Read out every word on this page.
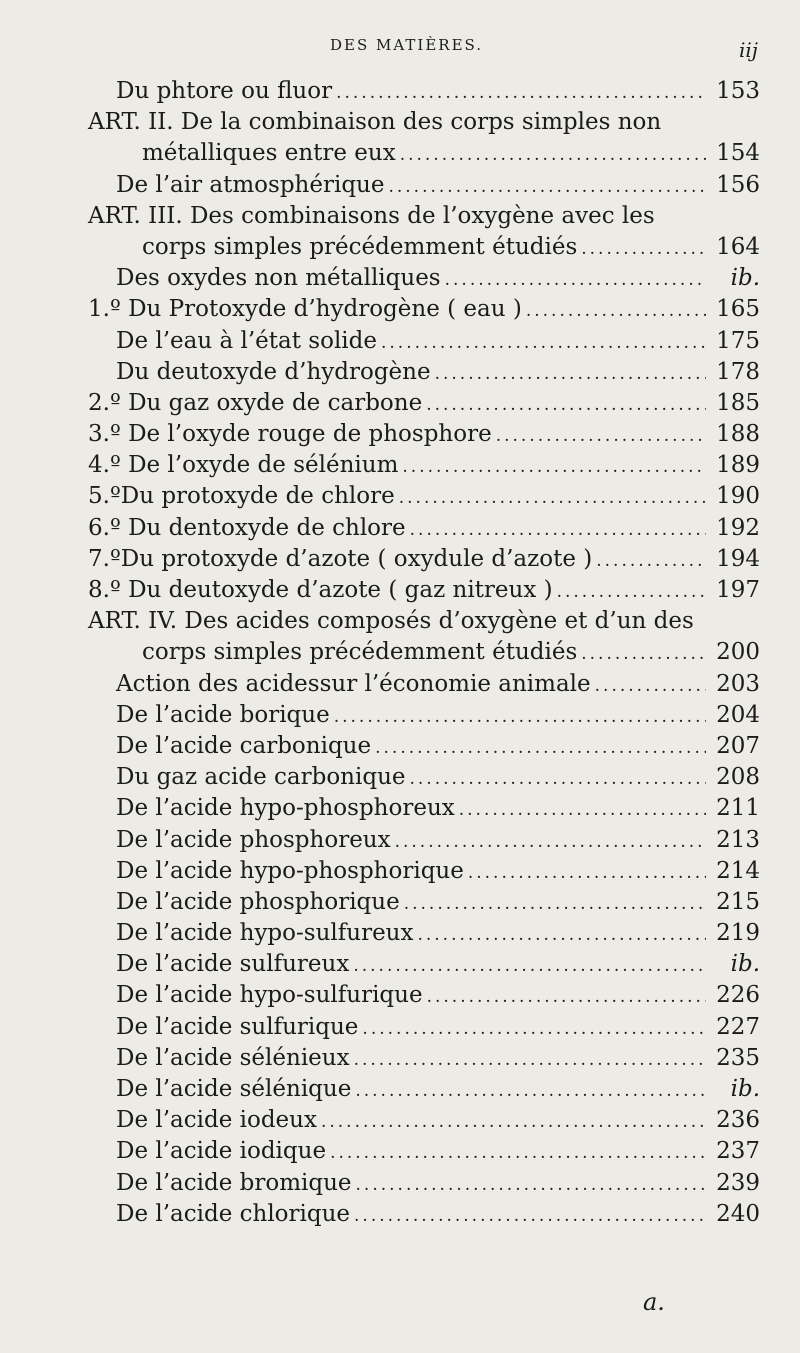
DES MATIÈRES.	iij
Du phtore ou fluor .....	153
ART. II. De la combinaison des corps simples non
métalliques entre eux .....	154
De l’air atmosphérique .....	156
ART. III. Des combinaisons de l’oxygène avec les
corps simples précédemment étudiés .....	164
Des oxydes non métalliques .....	ib.
1.º Du Protoxyde d’hydrogène ( eau ) .....	165
De l’eau à l’état solide .....	175
Du deutoxyde d’hydrogène .....	178
2.º Du gaz oxyde de carbone .....	185
3.º De l’oxyde rouge de phosphore .....	188
4.º De l’oxyde de sélénium .....	189
5.ºDu protoxyde de chlore .....	190
6.º Du dentoxyde de chlore .....	192
7.ºDu protoxyde d’azote ( oxydule d’azote ) .....	194
8.º Du deutoxyde d’azote ( gaz nitreux ) .....	197
ART. IV. Des acides composés d’oxygène et d’un des
corps simples précédemment étudiés .....	200
Action des acidessur l’économie animale .....	203
De l’acide borique .....	204
De l’acide carbonique .....	207
Du gaz acide carbonique .....	208
De l’acide hypo-phosphoreux .....	211
De l’acide phosphoreux .....	213
De l’acide hypo-phosphorique .....	214
De l’acide phosphorique .....	215
De l’acide hypo-sulfureux .....	219
De l’acide sulfureux .....	ib.
De l’acide hypo-sulfurique .....	226
De l’acide sulfurique .....	227
De l’acide sélénieux .....	235
De l’acide sélénique .....	ib.
De l’acide iodeux .....	236
De l’acide iodique .....	237
De l’acide bromique .....	239
De l’acide chlorique .....	240
a.
